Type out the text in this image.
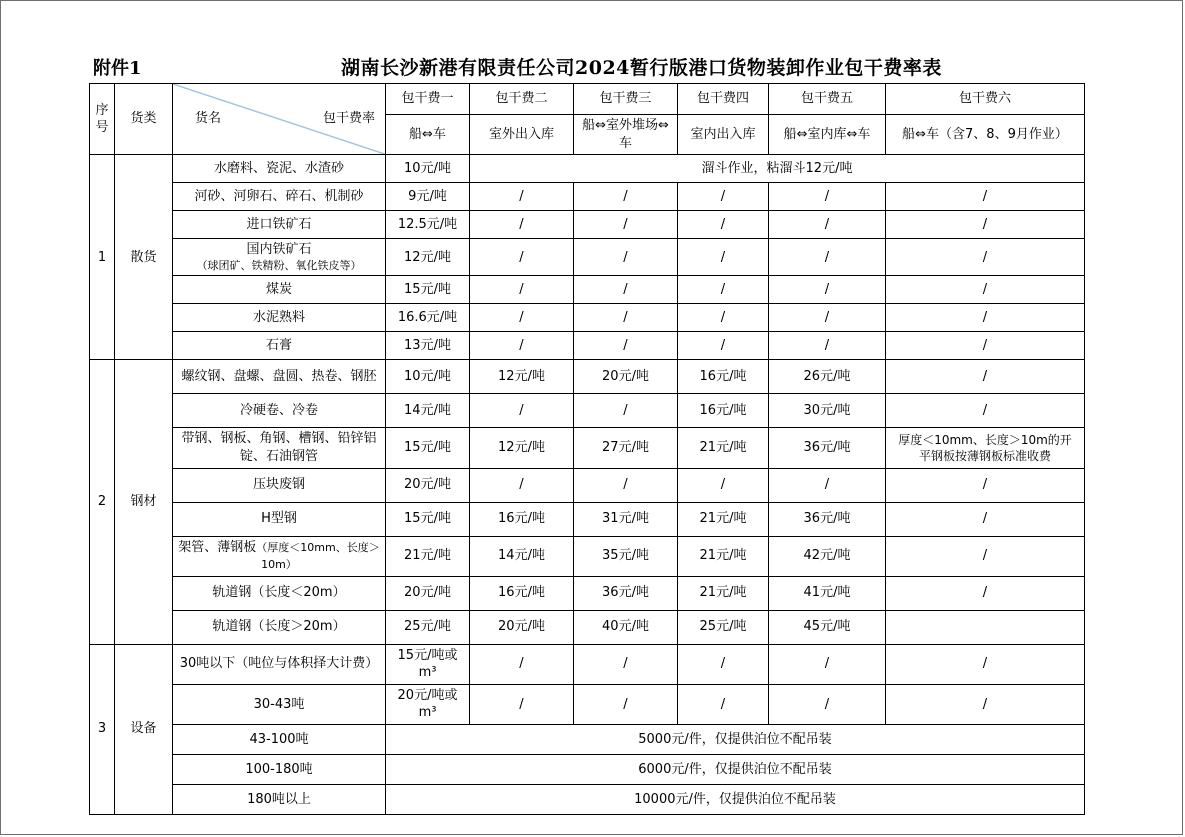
附件1	湖南长沙新港有限责任公司2024暂行版港口货物装卸作业包干费率表
序号	货类	货名 包干费率	包干费一	包干费二	包干费三	包干费四	包干费五	包干费六
			船⇔车	室外出入库	船⇔室外堆场⇔车	室内出入库	船⇔室内库⇔车	船⇔车（含7、8、9月作业）
1	散货	水磨料、瓷泥、水渣砂	10元/吨	溜斗作业，粘溜斗12元/吨				
		河砂、河卵石、碎石、机制砂	9元/吨	/	/	/	/	/
		进口铁矿石	12.5元/吨	/	/	/	/	/
		国内铁矿石
（球团矿、铁精粉、氧化铁皮等）	12元/吨	/	/	/	/	/
		煤炭	15元/吨	/	/	/	/	/
		水泥熟料	16.6元/吨	/	/	/	/	/
		石膏	13元/吨	/	/	/	/	/
2	钢材	螺纹钢、盘螺、盘圆、热卷、钢胚	10元/吨	12元/吨	20元/吨	16元/吨	26元/吨	/
		冷硬卷、冷卷	14元/吨	/	/	16元/吨	30元/吨	/
		带钢、钢板、角钢、槽钢、铅锌铝锭、石油钢管	15元/吨	12元/吨	27元/吨	21元/吨	36元/吨	厚度＜10mm、长度＞10m的开平钢板按薄钢板标准收费
		压块废钢	20元/吨	/	/	/	/	/
		H型钢	15元/吨	16元/吨	31元/吨	21元/吨	36元/吨	/
		架管、薄钢板（厚度＜10mm、长度＞10m）	21元/吨	14元/吨	35元/吨	21元/吨	42元/吨	/
		轨道钢（长度＜20m）	20元/吨	16元/吨	36元/吨	21元/吨	41元/吨	/
		轨道钢（长度＞20m）	25元/吨	20元/吨	40元/吨	25元/吨	45元/吨	
3	设备	30吨以下（吨位与体积择大计费）	15元/吨或m³	/	/	/	/	/
		30-43吨	20元/吨或m³	/	/	/	/	/
		43-100吨	5000元/件，仅提供泊位不配吊装					
		100-180吨	6000元/件，仅提供泊位不配吊装					
		180吨以上	10000元/件，仅提供泊位不配吊装					
